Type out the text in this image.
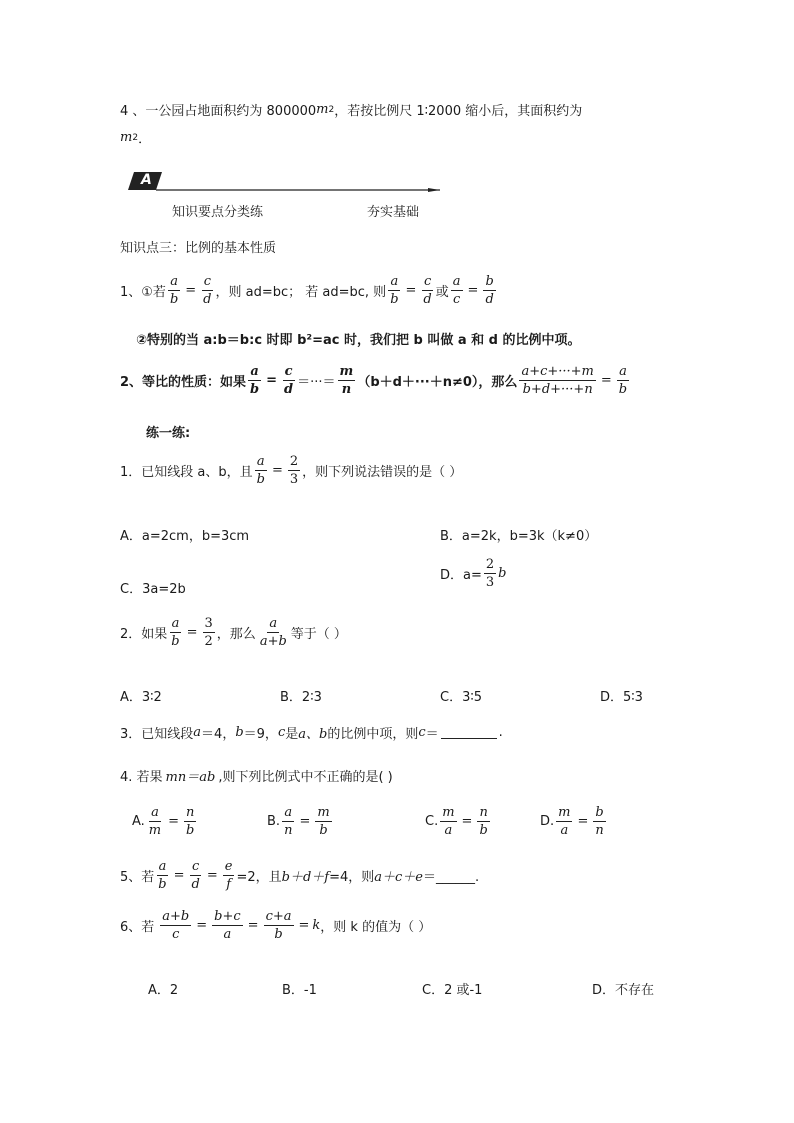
4 、一公园占地面积约为 800000 m 2 ，若按比例尺 1∶2000 缩小后，其面积约为
m 2 ．
A
知识要点分类练	夯实基础
知识点三：比例的基本性质
1、①若 $\frac{a}{b} = \frac{c}{d}$ ，则 ad=bc； 若 ad=bc, 则 $\frac{a}{b} = \frac{c}{d}$ 或 $\frac{a}{c} = \frac{b}{d}$
②特别的当 a:b＝b:c 时即 b²=ac 时，我们把 b 叫做 a 和 d 的比例中项。
2、等比的性质：如果 $\frac{a}{b} = \frac{c}{d}$ ＝···＝ $\frac{m}{n} (b+d+\cdot\cdot\cdot+n\ne 0)$，那么 $\frac{a+c+\cdot\cdot\cdot+m}{b+d+\cdot\cdot\cdot+n} = \frac{a}{b}$
练一练:
1．已知线段 a、b，且 $\frac{a}{b} = \frac{2}{3}$ ，则下列说法错误的是（ ）
A．a=2cm，b=3cm	B．a=2k，b=3k（k≠0）
C．3a=2b
D．$a= \frac{2}{3}$ b
2．如果 $\frac{a}{b} = \frac{3}{2}$ ，那么 $\frac{a}{a+b}$ 等于（ ）
A．3∶2	B．2∶3	C．3∶5	D．5∶3
3．已知线段 a ＝4， b ＝9， c 是 a、b 的比例中项，则 c ＝	.
4. 若果 mn＝ab ,则下列比例式中不正确的是( )
A. $\frac{a}{m} = \frac{n}{b}$	B. $\frac{a}{n} = \frac{m}{b}$	C. $\frac{m}{a} = \frac{n}{b}$	D. $\frac{m}{a} = \frac{b}{n}$
5、若 $\frac{a}{b} = \frac{c}{d} = \frac{e}{f} =2$，且 b＋d＋f =4，则 a＋c＋e ＝______.
6、若 $\frac{a+b}{c} = \frac{b+c}{a} = \frac{c+a}{b} = k$ ，则 k 的值为（ ）
A．2	B．-1	C．2 或-1	D．不存在
